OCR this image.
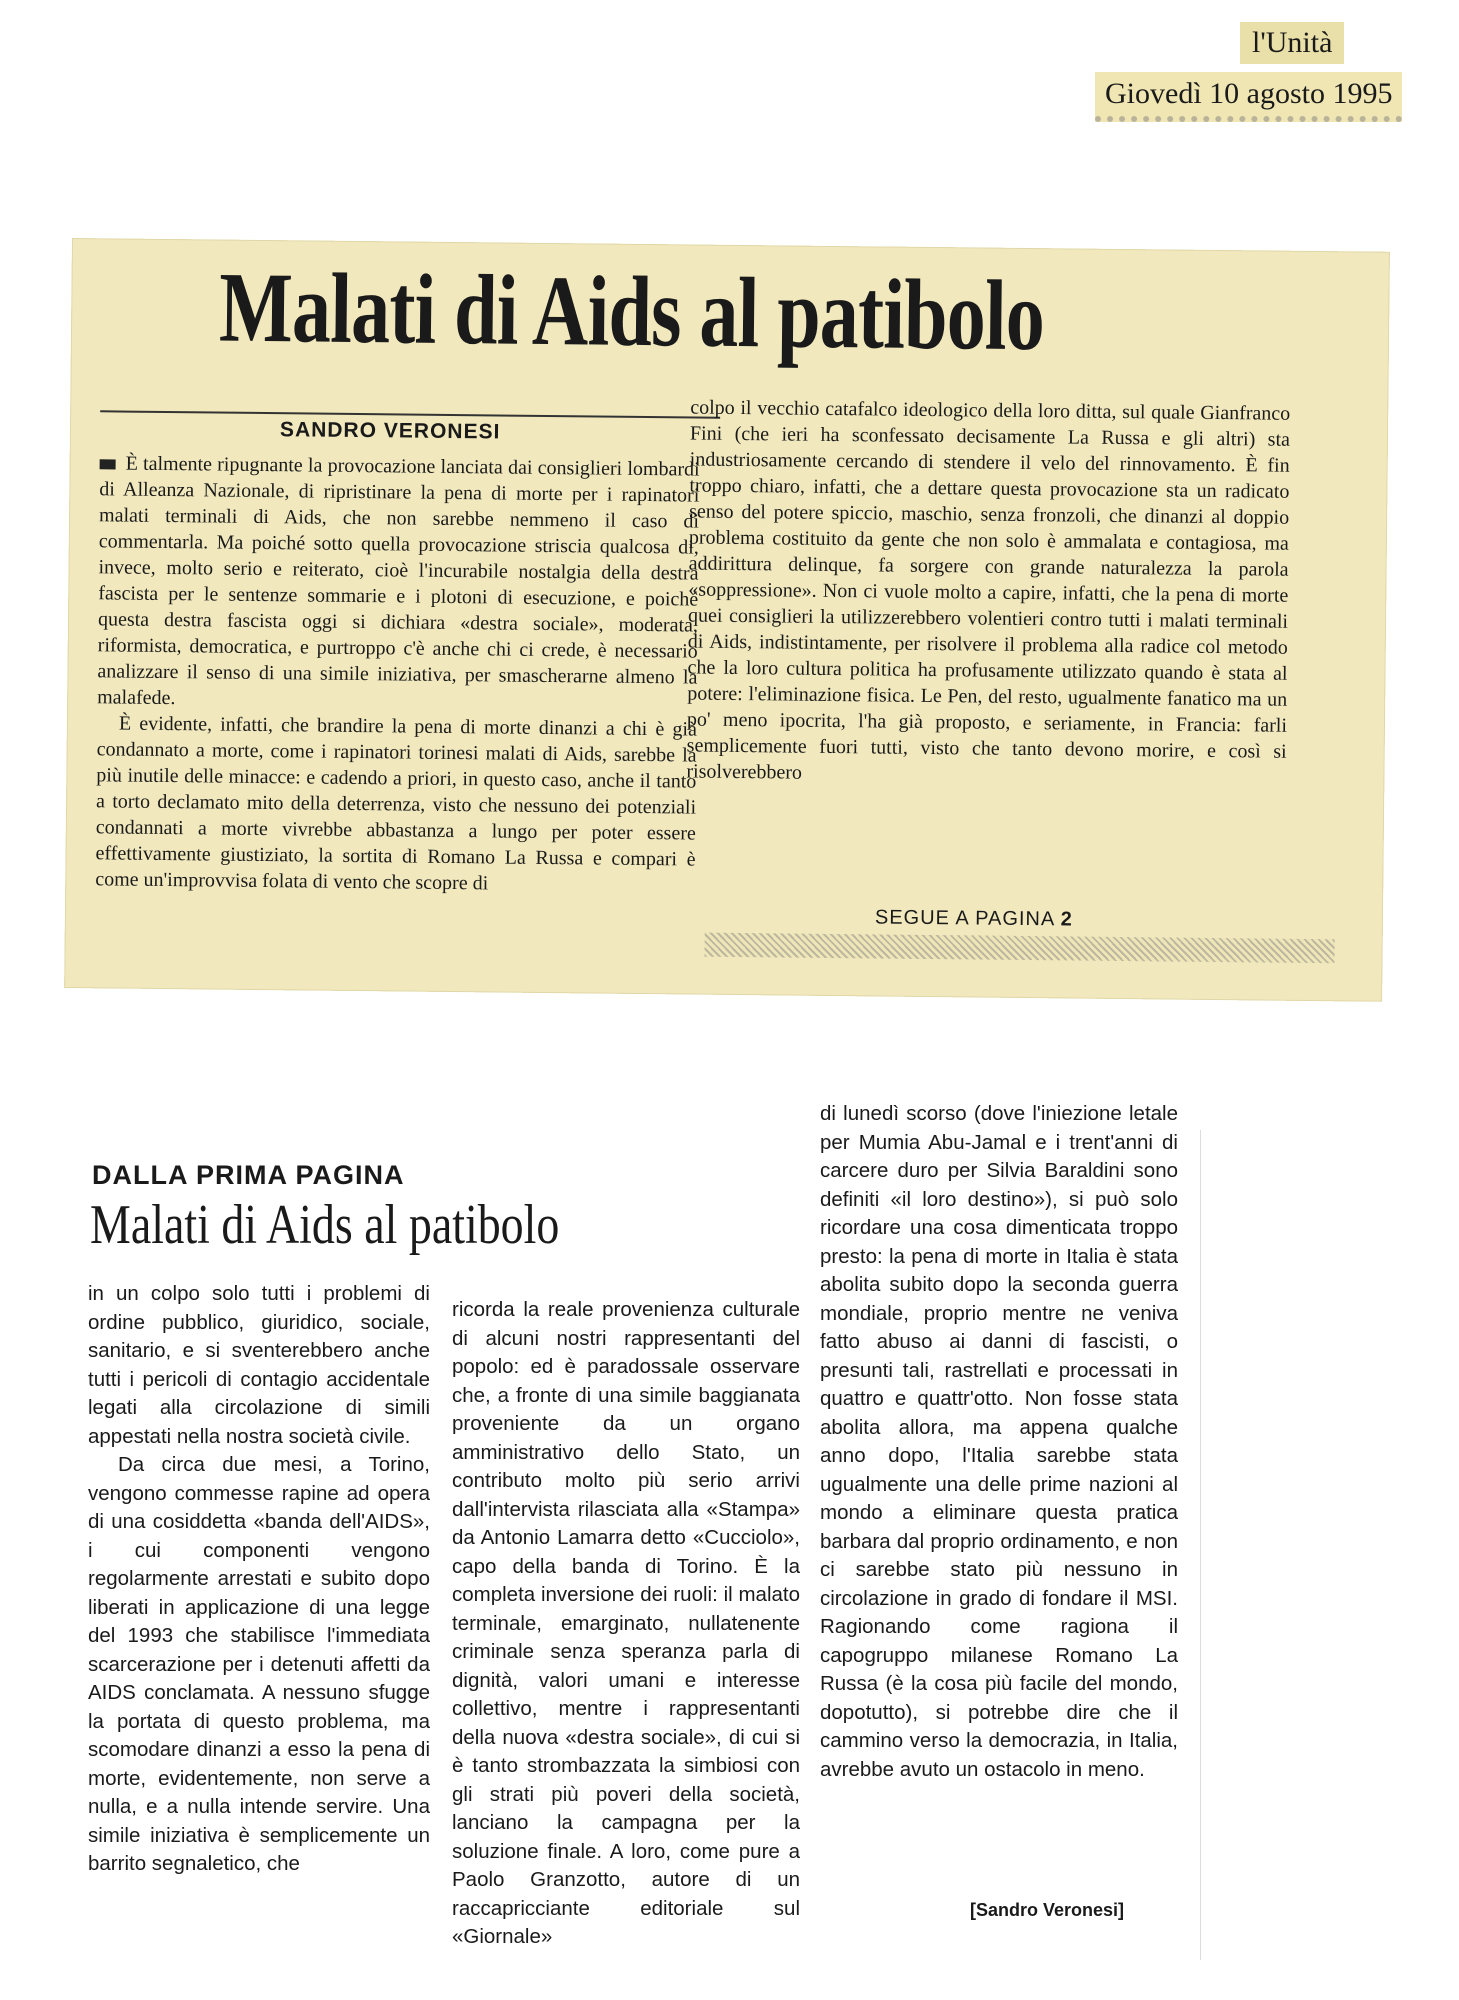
l'Unità
Giovedì 10 agosto 1995
Malati di Aids al patibolo
SANDRO VERONESI

È talmente ripugnante la provocazione lanciata dai consiglieri lombardi di Alleanza Nazionale, di ripristinare la pena di morte per i rapinatori malati terminali di Aids, che non sarebbe nemmeno il caso di commentarla. Ma poiché sotto quella provocazione striscia qualcosa di, invece, molto serio e reiterato, cioè l'incurabile nostalgia della destra fascista per le sentenze sommarie e i plotoni di esecuzione, e poiché questa destra fascista oggi si dichiara «destra sociale», moderata, riformista, democratica, e purtroppo c'è anche chi ci crede, è necessario analizzare il senso di una simile iniziativa, per smascherarne almeno la malafede.

È evidente, infatti, che brandire la pena di morte dinanzi a chi è già condannato a morte, come i rapinatori torinesi malati di Aids, sarebbe la più inutile delle minacce: e cadendo a priori, in questo caso, anche il tanto a torto declamato mito della deterrenza, visto che nessuno dei potenziali condannati a morte vivrebbe abbastanza a lungo per poter essere effettivamente giustiziato, la sortita di Romano La Russa e compari è come un'improvvisa folata di vento che scopre di

colpo il vecchio catafalco ideologico della loro ditta, sul quale Gianfranco Fini (che ieri ha sconfessato decisamente La Russa e gli altri) sta industriosamente cercando di stendere il velo del rinnovamento. È fin troppo chiaro, infatti, che a dettare questa provocazione sta un radicato senso del potere spiccio, maschio, senza fronzoli, che dinanzi al doppio problema costituito da gente che non solo è ammalata e contagiosa, ma addirittura delinque, fa sorgere con grande naturalezza la parola «soppressione». Non ci vuole molto a capire, infatti, che la pena di morte quei consiglieri la utilizzerebbero volentieri contro tutti i malati terminali di Aids, indistintamente, per risolvere il problema alla radice col metodo che la loro cultura politica ha profusamente utilizzato quando è stata al potere: l'eliminazione fisica. Le Pen, del resto, ugualmente fanatico ma un po' meno ipocrita, l'ha già proposto, e seriamente, in Francia: farli semplicemente fuori tutti, visto che tanto devono morire, e così si risolverebbero

SEGUE A PAGINA 2
DALLA PRIMA PAGINA
Malati di Aids al patibolo

in un colpo solo tutti i problemi di ordine pubblico, giuridico, sociale, sanitario, e si sventerebbero anche tutti i pericoli di contagio accidentale legati alla circolazione di simili appestati nella nostra società civile.

Da circa due mesi, a Torino, vengono commesse rapine ad opera di una cosiddetta «banda dell'AIDS», i cui componenti vengono regolarmente arrestati e subito dopo liberati in applicazione di una legge del 1993 che stabilisce l'immediata scarcerazione per i detenuti affetti da AIDS conclamata. A nessuno sfugge la portata di questo problema, ma scomodare dinanzi a esso la pena di morte, evidentemente, non serve a nulla, e a nulla intende servire. Una simile iniziativa è semplicemente un barrito segnaletico, che

ricorda la reale provenienza culturale di alcuni nostri rappresentanti del popolo: ed è paradossale osservare che, a fronte di una simile baggianata proveniente da un organo amministrativo dello Stato, un contributo molto più serio arrivi dall'intervista rilasciata alla «Stampa» da Antonio Lamarra detto «Cucciolo», capo della banda di Torino. È la completa inversione dei ruoli: il malato terminale, emarginato, nullatenente criminale senza speranza parla di dignità, valori umani e interesse collettivo, mentre i rappresentanti della nuova «destra sociale», di cui si è tanto strombazzata la simbiosi con gli strati più poveri della società, lanciano la campagna per la soluzione finale. A loro, come pure a Paolo Granzotto, autore di un raccapricciante editoriale sul «Giornale»

di lunedì scorso (dove l'iniezione letale per Mumia Abu-Jamal e i trent'anni di carcere duro per Silvia Baraldini sono definiti «il loro destino»), si può solo ricordare una cosa dimenticata troppo presto: la pena di morte in Italia è stata abolita subito dopo la seconda guerra mondiale, proprio mentre ne veniva fatto abuso ai danni di fascisti, o presunti tali, rastrellati e processati in quattro e quattr'otto. Non fosse stata abolita allora, ma appena qualche anno dopo, l'Italia sarebbe stata ugualmente una delle prime nazioni al mondo a eliminare questa pratica barbara dal proprio ordinamento, e non ci sarebbe stato più nessuno in circolazione in grado di fondare il MSI. Ragionando come ragiona il capogruppo milanese Romano La Russa (è la cosa più facile del mondo, dopotutto), si potrebbe dire che il cammino verso la democrazia, in Italia, avrebbe avuto un ostacolo in meno.

[Sandro Veronesi]
